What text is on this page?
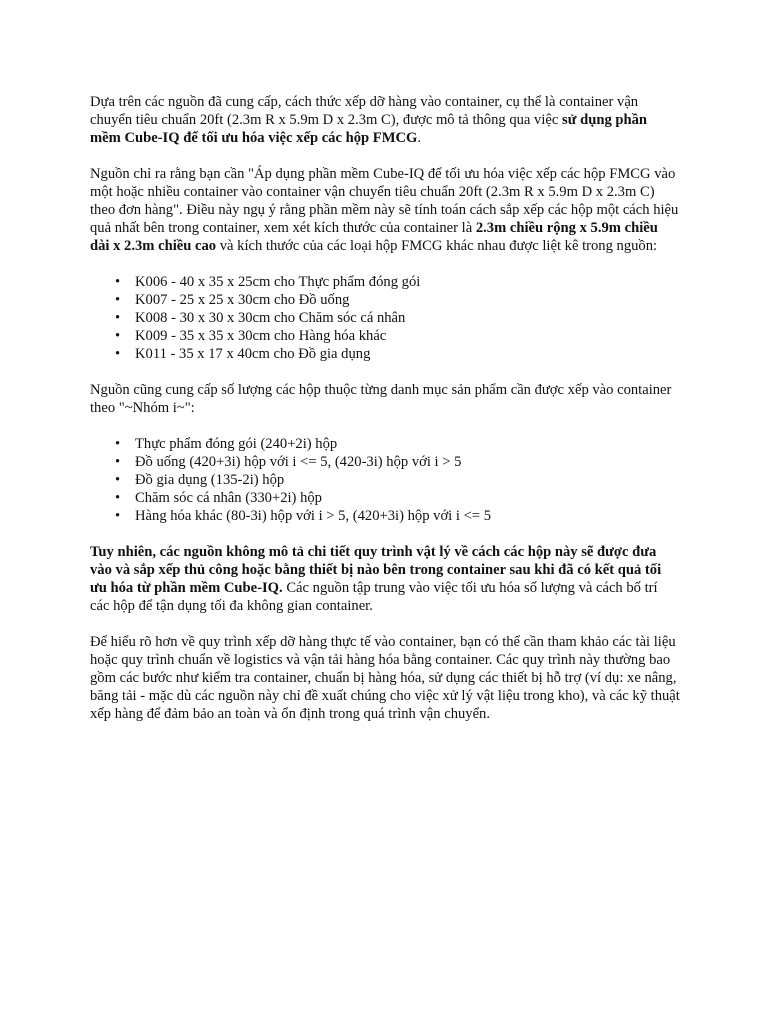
Dựa trên các nguồn đã cung cấp, cách thức xếp dỡ hàng vào container, cụ thể là container vận chuyển tiêu chuẩn 20ft (2.3m R x 5.9m D x 2.3m C), được mô tả thông qua việc sử dụng phần mềm Cube-IQ để tối ưu hóa việc xếp các hộp FMCG.

Nguồn chỉ ra rằng bạn cần "Áp dụng phần mềm Cube-IQ để tối ưu hóa việc xếp các hộp FMCG vào một hoặc nhiều container vào container vận chuyển tiêu chuẩn 20ft (2.3m R x 5.9m D x 2.3m C) theo đơn hàng". Điều này ngụ ý rằng phần mềm này sẽ tính toán cách sắp xếp các hộp một cách hiệu quả nhất bên trong container, xem xét kích thước của container là 2.3m chiều rộng x 5.9m chiều dài x 2.3m chiều cao và kích thước của các loại hộp FMCG khác nhau được liệt kê trong nguồn:

• K006 - 40 x 35 x 25cm cho Thực phẩm đóng gói
• K007 - 25 x 25 x 30cm cho Đồ uống
• K008 - 30 x 30 x 30cm cho Chăm sóc cá nhân
• K009 - 35 x 35 x 30cm cho Hàng hóa khác
• K011 - 35 x 17 x 40cm cho Đồ gia dụng

Nguồn cũng cung cấp số lượng các hộp thuộc từng danh mục sản phẩm cần được xếp vào container theo "~Nhóm i~":

• Thực phẩm đóng gói (240+2i) hộp
• Đồ uống (420+3i) hộp với i <= 5, (420-3i) hộp với i > 5
• Đồ gia dụng (135-2i) hộp
• Chăm sóc cá nhân (330+2i) hộp
• Hàng hóa khác (80-3i) hộp với i > 5, (420+3i) hộp với i <= 5

Tuy nhiên, các nguồn không mô tả chi tiết quy trình vật lý về cách các hộp này sẽ được đưa vào và sắp xếp thủ công hoặc bằng thiết bị nào bên trong container sau khi đã có kết quả tối ưu hóa từ phần mềm Cube-IQ. Các nguồn tập trung vào việc tối ưu hóa số lượng và cách bố trí các hộp để tận dụng tối đa không gian container.

Để hiểu rõ hơn về quy trình xếp dỡ hàng thực tế vào container, bạn có thể cần tham khảo các tài liệu hoặc quy trình chuẩn về logistics và vận tải hàng hóa bằng container. Các quy trình này thường bao gồm các bước như kiểm tra container, chuẩn bị hàng hóa, sử dụng các thiết bị hỗ trợ (ví dụ: xe nâng, băng tải - mặc dù các nguồn này chỉ đề xuất chúng cho việc xử lý vật liệu trong kho), và các kỹ thuật xếp hàng để đảm bảo an toàn và ổn định trong quá trình vận chuyển.
